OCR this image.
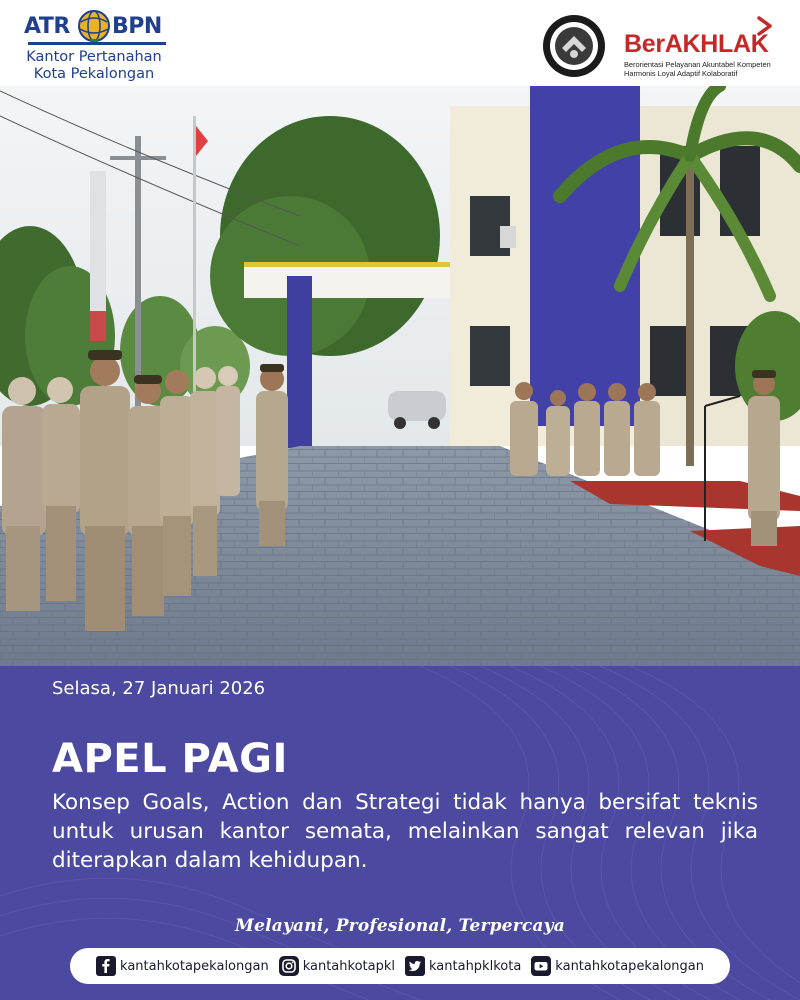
ATR BPN
Kantor Pertanahan
Kota Pekalongan
BerAKHLAK
Berorientasi Pelayanan Akuntabel Kompeten
Harmonis Loyal Adaptif Kolaboratif
Selasa, 27 Januari 2026
APEL PAGI
Konsep Goals, Action dan Strategi tidak hanya bersifat teknis untuk urusan kantor semata, melainkan sangat relevan jika diterapkan dalam kehidupan.
Melayani, Profesional, Terpercaya
kantahkotapekalongan	kantahkotapkl	kantahpklkota	kantahkotapekalongan
